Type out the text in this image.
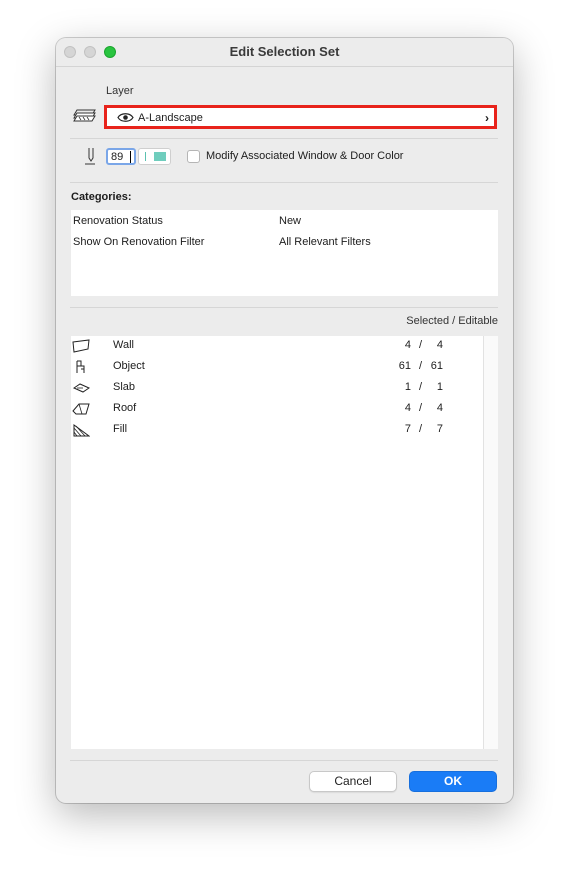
Edit Selection Set
Layer
A-Landscape	›
89	Modify Associated Window & Door Color
Categories:
Renovation Status	New
Show On Renovation Filter	All Relevant Filters
Selected / Editable
Wall	4 /	4
Object	61 / 61
Slab	1 /	1
Roof	4 /	4
Fill	7 /	7
Cancel	OK
